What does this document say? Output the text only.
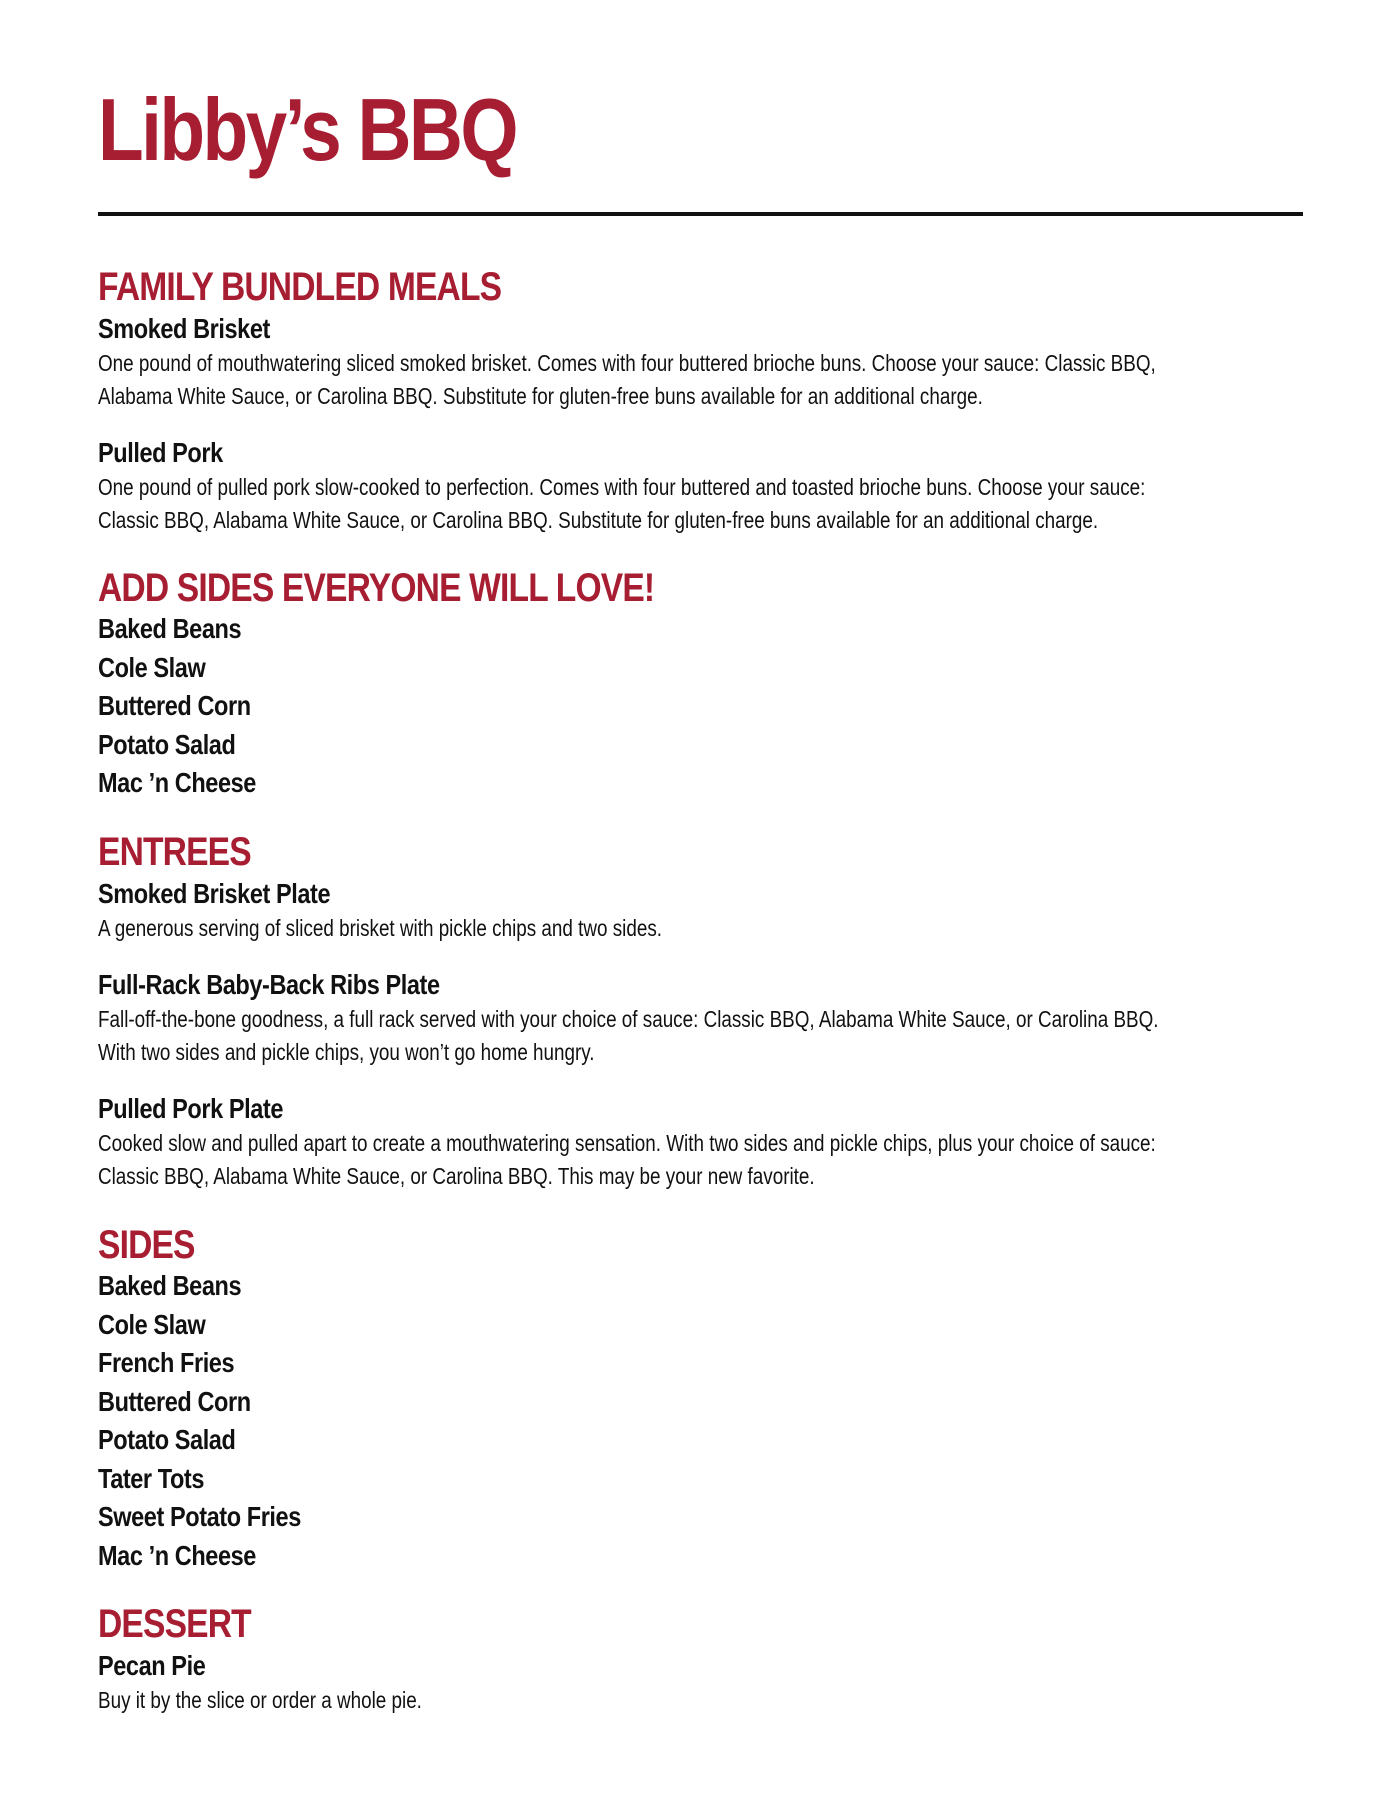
Libby’s BBQ
FAMILY BUNDLED MEALS

Smoked Brisket

One pound of mouthwatering sliced smoked brisket. Comes with four buttered brioche buns. Choose your sauce: Classic BBQ,

Alabama White Sauce, or Carolina BBQ. Substitute for gluten-free buns available for an additional charge.

Pulled Pork

One pound of pulled pork slow-cooked to perfection. Comes with four buttered and toasted brioche buns. Choose your sauce:

Classic BBQ, Alabama White Sauce, or Carolina BBQ. Substitute for gluten-free buns available for an additional charge.

ADD SIDES EVERYONE WILL LOVE!

Baked Beans

Cole Slaw

Buttered Corn

Potato Salad

Mac ’n Cheese

ENTREES

Smoked Brisket Plate

A generous serving of sliced brisket with pickle chips and two sides.

Full-Rack Baby-Back Ribs Plate

Fall-off-the-bone goodness, a full rack served with your choice of sauce: Classic BBQ, Alabama White Sauce, or Carolina BBQ.

With two sides and pickle chips, you won’t go home hungry.

Pulled Pork Plate

Cooked slow and pulled apart to create a mouthwatering sensation. With two sides and pickle chips, plus your choice of sauce:

Classic BBQ, Alabama White Sauce, or Carolina BBQ. This may be your new favorite.

SIDES

Baked Beans

Cole Slaw

French Fries

Buttered Corn

Potato Salad

Tater Tots

Sweet Potato Fries

Mac ’n Cheese

DESSERT

Pecan Pie

Buy it by the slice or order a whole pie.
